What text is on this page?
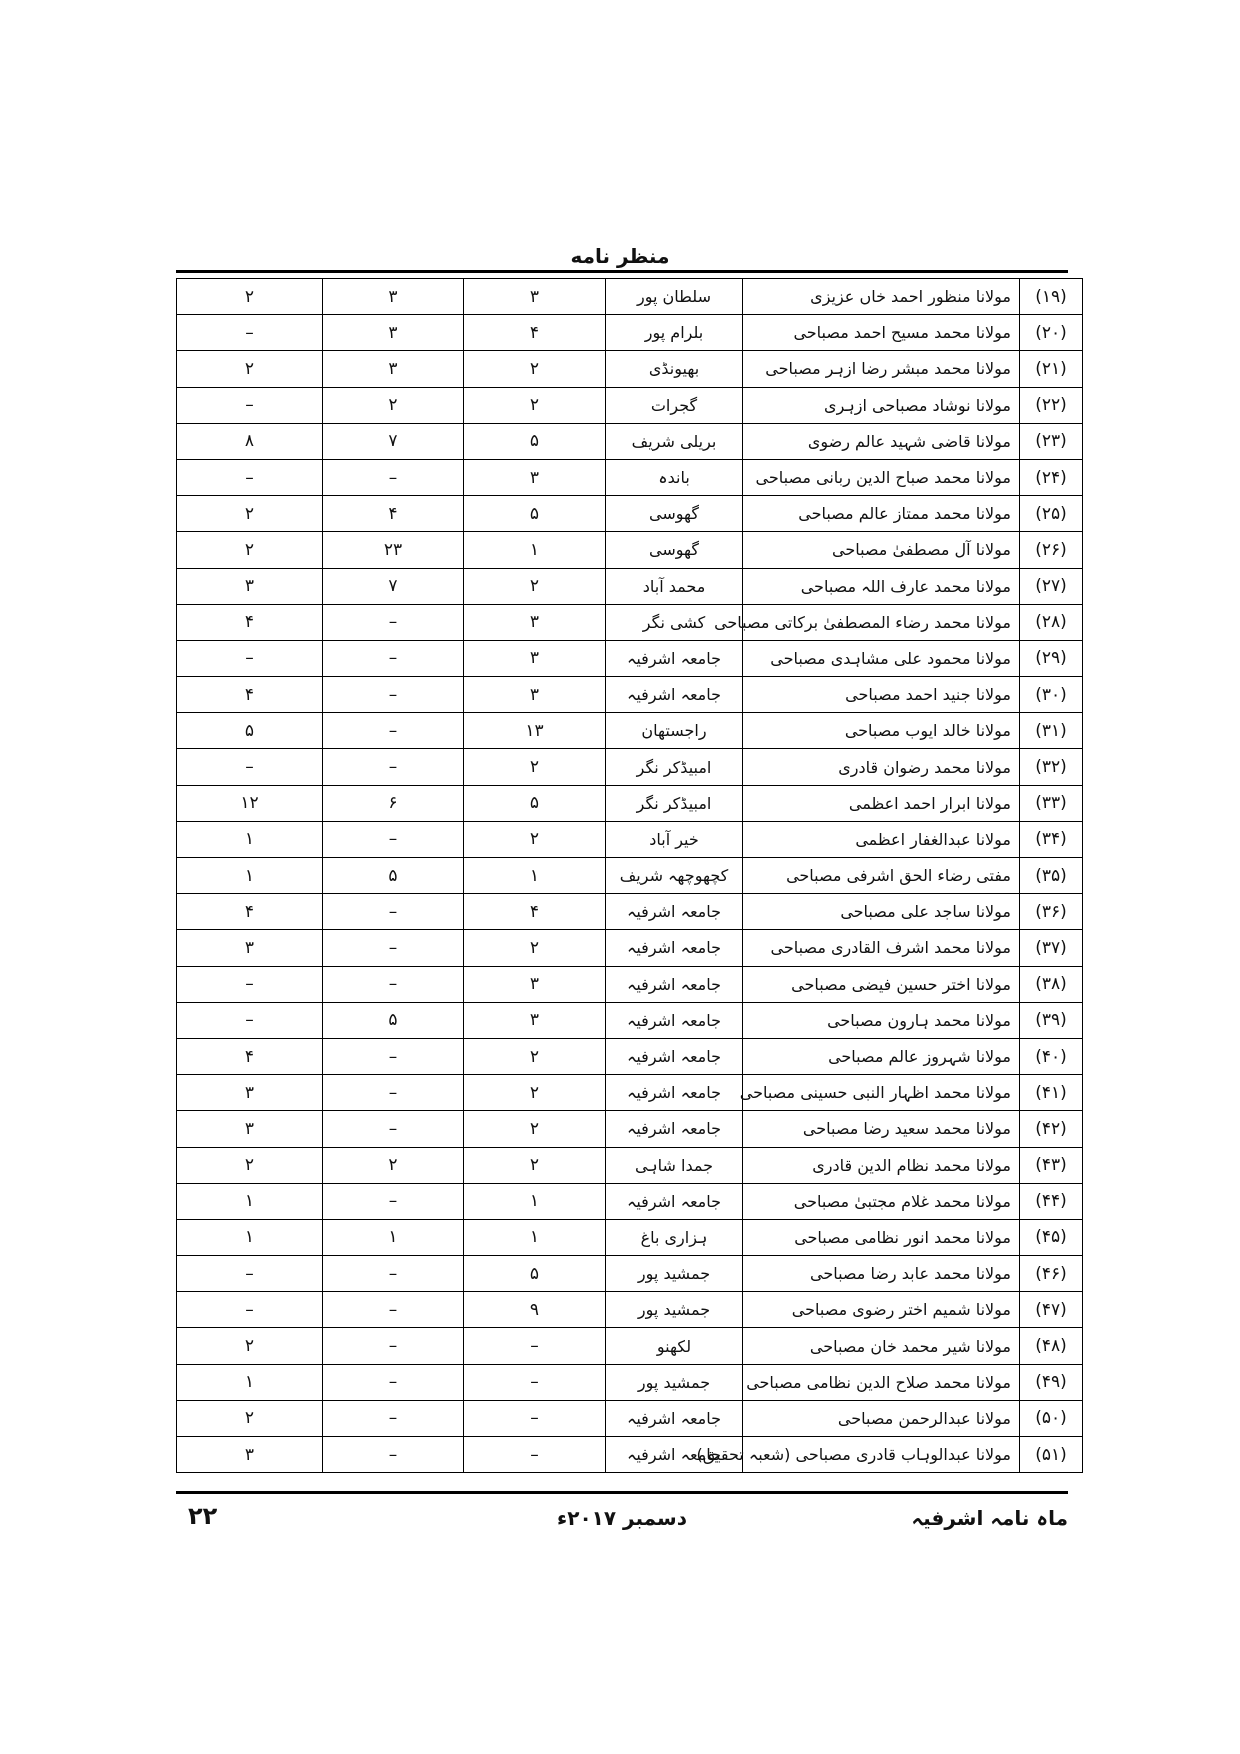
منظر نامه
(۱۹)	مولانا منظور احمد خاں عزیزی	سلطان پور	۳	۳	۲
(۲۰)	مولانا محمد مسیح احمد مصباحی	بلرام پور	۴	۳	–
(۲۱)	مولانا محمد مبشر رضا ازہر مصباحی	بھیونڈی	۲	۳	۲
(۲۲)	مولانا نوشاد مصباحی ازہری	گجرات	۲	۲	–
(۲۳)	مولانا قاضی شہید عالم رضوی	بریلی شریف	۵	۷	۸
(۲۴)	مولانا محمد صباح الدین ربانی مصباحی	باندہ	۳	–	–
(۲۵)	مولانا محمد ممتاز عالم مصباحی	گھوسی	۵	۴	۲
(۲۶)	مولانا آل مصطفیٰ مصباحی	گھوسی	۱	۲۳	۲
(۲۷)	مولانا محمد عارف اللہ مصباحی	محمد آباد	۲	۷	۳
(۲۸)	مولانا محمد رضاء المصطفیٰ برکاتی مصباحی	کشی نگر	۳	–	۴
(۲۹)	مولانا محمود علی مشاہدی مصباحی	جامعہ اشرفیہ	۳	–	–
(۳۰)	مولانا جنید احمد مصباحی	جامعہ اشرفیہ	۳	–	۴
(۳۱)	مولانا خالد ایوب مصباحی	راجستھان	۱۳	–	۵
(۳۲)	مولانا محمد رضوان قادری	امبیڈکر نگر	۲	–	–
(۳۳)	مولانا ابرار احمد اعظمی	امبیڈکر نگر	۵	۶	۱۲
(۳۴)	مولانا عبدالغفار اعظمی	خیر آباد	۲	–	۱
(۳۵)	مفتی رضاء الحق اشرفی مصباحی	کچھوچھہ شریف	۱	۵	۱
(۳۶)	مولانا ساجد علی مصباحی	جامعہ اشرفیہ	۴	–	۴
(۳۷)	مولانا محمد اشرف القادری مصباحی	جامعہ اشرفیہ	۲	–	۳
(۳۸)	مولانا اختر حسین فیضی مصباحی	جامعہ اشرفیہ	۳	–	–
(۳۹)	مولانا محمد ہارون مصباحی	جامعہ اشرفیہ	۳	۵	–
(۴۰)	مولانا شہروز عالم مصباحی	جامعہ اشرفیہ	۲	–	۴
(۴۱)	مولانا محمد اظہار النبی حسینی مصباحی	جامعہ اشرفیہ	۲	–	۳
(۴۲)	مولانا محمد سعید رضا مصباحی	جامعہ اشرفیہ	۲	–	۳
(۴۳)	مولانا محمد نظام الدین قادری	جمدا شاہی	۲	۲	۲
(۴۴)	مولانا محمد غلام مجتبیٰ مصباحی	جامعہ اشرفیہ	۱	–	۱
(۴۵)	مولانا محمد انور نظامی مصباحی	ہزاری باغ	۱	۱	۱
(۴۶)	مولانا محمد عابد رضا مصباحی	جمشید پور	۵	–	–
(۴۷)	مولانا شمیم اختر رضوی مصباحی	جمشید پور	۹	–	–
(۴۸)	مولانا شیر محمد خان مصباحی	لکھنو	–	–	۲
(۴۹)	مولانا محمد صلاح الدین نظامی مصباحی	جمشید پور	–	–	۱
(۵۰)	مولانا عبدالرحمن مصباحی	جامعہ اشرفیہ	–	–	۲
(۵۱)	مولانا عبدالوہاب قادری مصباحی (شعبہ تحقیق)	جامعہ اشرفیہ	–	–	۳
ماہ نامہ اشرفیہ
دسمبر ۲۰۱۷ء
۲۲
